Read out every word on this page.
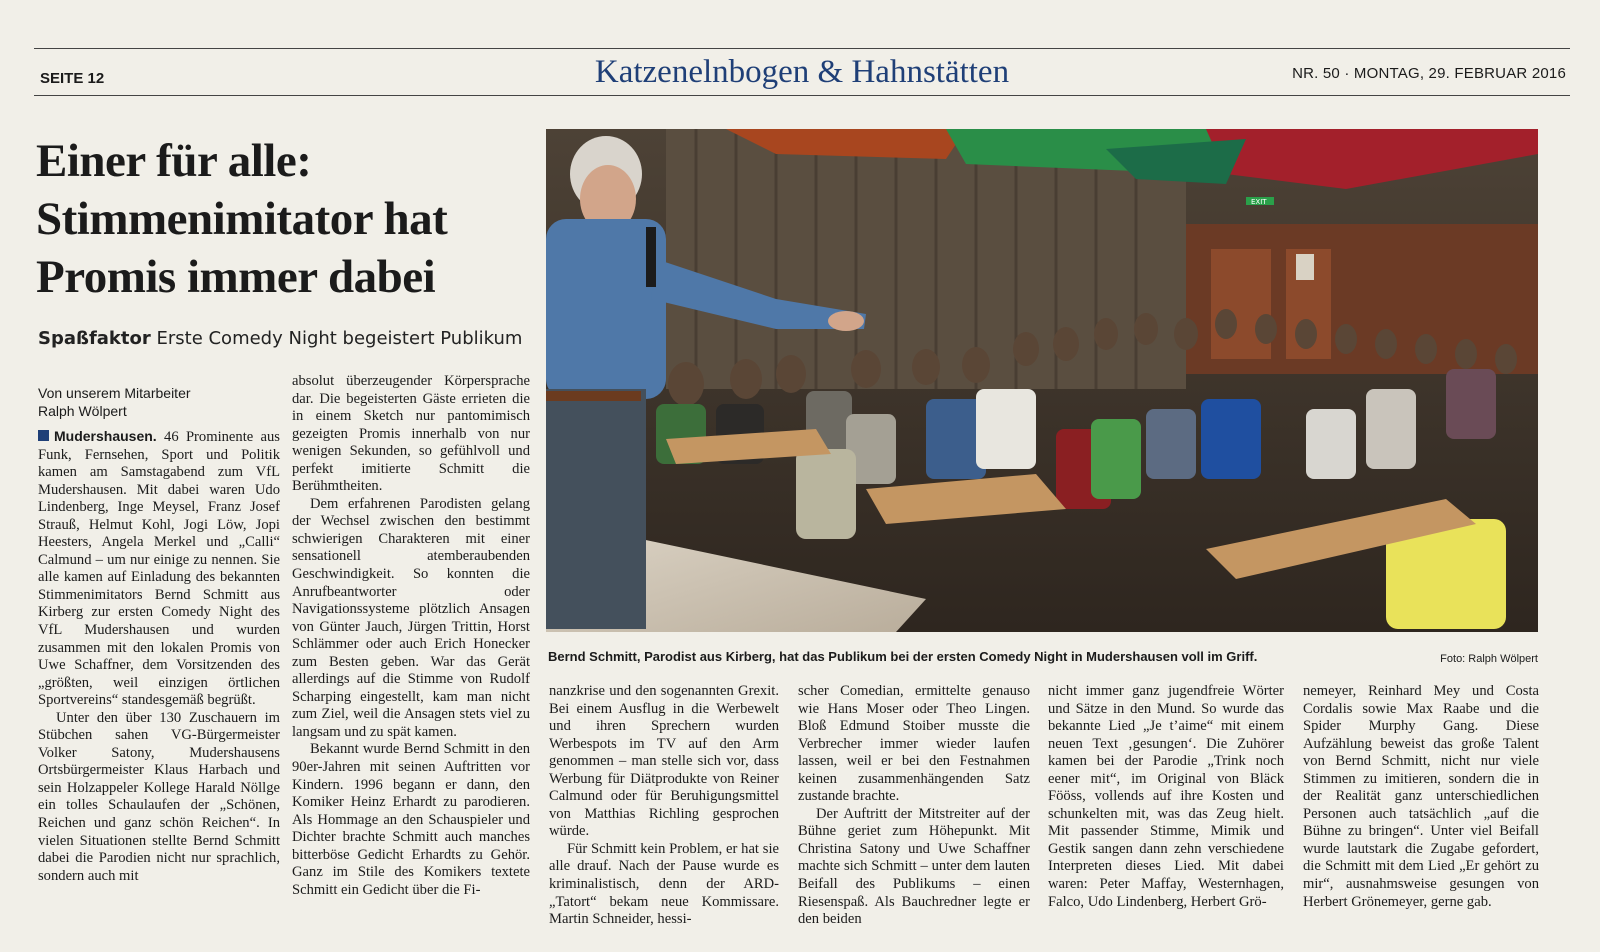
SEITE 12	Katzenelnbogen & Hahnstätten	NR. 50 · MONTAG, 29. FEBRUAR 2016
Einer für alle:
Stimmenimitator hat
Promis immer dabei
Spaßfaktor Erste Comedy Night begeistert Publikum
Von unserem Mitarbeiter
Ralph Wölpert

Mudershausen. 46 Prominente aus Funk, Fernsehen, Sport und Politik kamen am Samstagabend zum VfL Mudershausen. Mit dabei waren Udo Lindenberg, Inge Meysel, Franz Josef Strauß, Helmut Kohl, Jogi Löw, Jopi Heesters, Angela Merkel und „Calli“ Calmund – um nur einige zu nennen. Sie alle kamen auf Einladung des bekannten Stimmenimitators Bernd Schmitt aus Kirberg zur ersten Comedy Night des VfL Mudershausen und wurden zusammen mit den lokalen Promis von Uwe Schaffner, dem Vorsitzenden des „größten, weil einzigen örtlichen Sportvereins“ standesgemäß begrüßt.

Unter den über 130 Zuschauern im Stübchen sahen VG-Bürgermeister Volker Satony, Mudershausens Ortsbürgermeister Klaus Harbach und sein Holzappeler Kollege Harald Nöllge ein tolles Schaulaufen der „Schönen, Reichen und ganz schön Reichen“. In vielen Situationen stellte Bernd Schmitt dabei die Parodien nicht nur sprachlich, sondern auch mit

absolut überzeugender Körpersprache dar. Die begeisterten Gäste errieten die in einem Sketch nur pantomimisch gezeigten Promis innerhalb von nur wenigen Sekunden, so gefühlvoll und perfekt imitierte Schmitt die Berühmtheiten.

Dem erfahrenen Parodisten gelang der Wechsel zwischen den bestimmt schwierigen Charakteren mit einer sensationell atemberaubenden Geschwindigkeit. So konnten die Anrufbeantworter oder Navigationssysteme plötzlich Ansagen von Günter Jauch, Jürgen Trittin, Horst Schlämmer oder auch Erich Honecker zum Besten geben. War das Gerät allerdings auf die Stimme von Rudolf Scharping eingestellt, kam man nicht zum Ziel, weil die Ansagen stets viel zu langsam und zu spät kamen.

Bekannt wurde Bernd Schmitt in den 90er-Jahren mit seinen Auftritten vor Kindern. 1996 begann er dann, den Komiker Heinz Erhardt zu parodieren. Als Hommage an den Schauspieler und Dichter brachte Schmitt auch manches bitterböse Gedicht Erhardts zu Gehör. Ganz im Stile des Komikers textete Schmitt ein Gedicht über die Fi-

EXIT
Bernd Schmitt, Parodist aus Kirberg, hat das Publikum bei der ersten Comedy Night in Mudershausen voll im Griff.	Foto: Ralph Wölpert

nanzkrise und den sogenannten Grexit. Bei einem Ausflug in die Werbewelt und ihren Sprechern wurden Werbespots im TV auf den Arm genommen – man stelle sich vor, dass Werbung für Diätprodukte von Reiner Calmund oder für Beruhigungsmittel von Matthias Richling gesprochen würde.

Für Schmitt kein Problem, er hat sie alle drauf. Nach der Pause wurde es kriminalistisch, denn der ARD-„Tatort“ bekam neue Kommissare. Martin Schneider, hessi-

scher Comedian, ermittelte genauso wie Hans Moser oder Theo Lingen. Bloß Edmund Stoiber musste die Verbrecher immer wieder laufen lassen, weil er bei den Festnahmen keinen zusammenhängenden Satz zustande brachte.

Der Auftritt der Mitstreiter auf der Bühne geriet zum Höhepunkt. Mit Christina Satony und Uwe Schaffner machte sich Schmitt – unter dem lauten Beifall des Publikums – einen Riesenspaß. Als Bauchredner legte er den beiden

nicht immer ganz jugendfreie Wörter und Sätze in den Mund. So wurde das bekannte Lied „Je t’aime“ mit einem neuen Text ‚gesungen‘. Die Zuhörer kamen bei der Parodie „Trink noch eener mit“, im Original von Bläck Fööss, vollends auf ihre Kosten und schunkelten mit, was das Zeug hielt. Mit passender Stimme, Mimik und Gestik sangen dann zehn verschiedene Interpreten dieses Lied. Mit dabei waren: Peter Maffay, Westernhagen, Falco, Udo Lindenberg, Herbert Grö-

nemeyer, Reinhard Mey und Costa Cordalis sowie Max Raabe und die Spider Murphy Gang. Diese Aufzählung beweist das große Talent von Bernd Schmitt, nicht nur viele Stimmen zu imitieren, sondern die in der Realität ganz unterschiedlichen Personen auch tatsächlich „auf die Bühne zu bringen“. Unter viel Beifall wurde lautstark die Zugabe gefordert, die Schmitt mit dem Lied „Er gehört zu mir“, ausnahmsweise gesungen von Herbert Grönemeyer, gerne gab.
